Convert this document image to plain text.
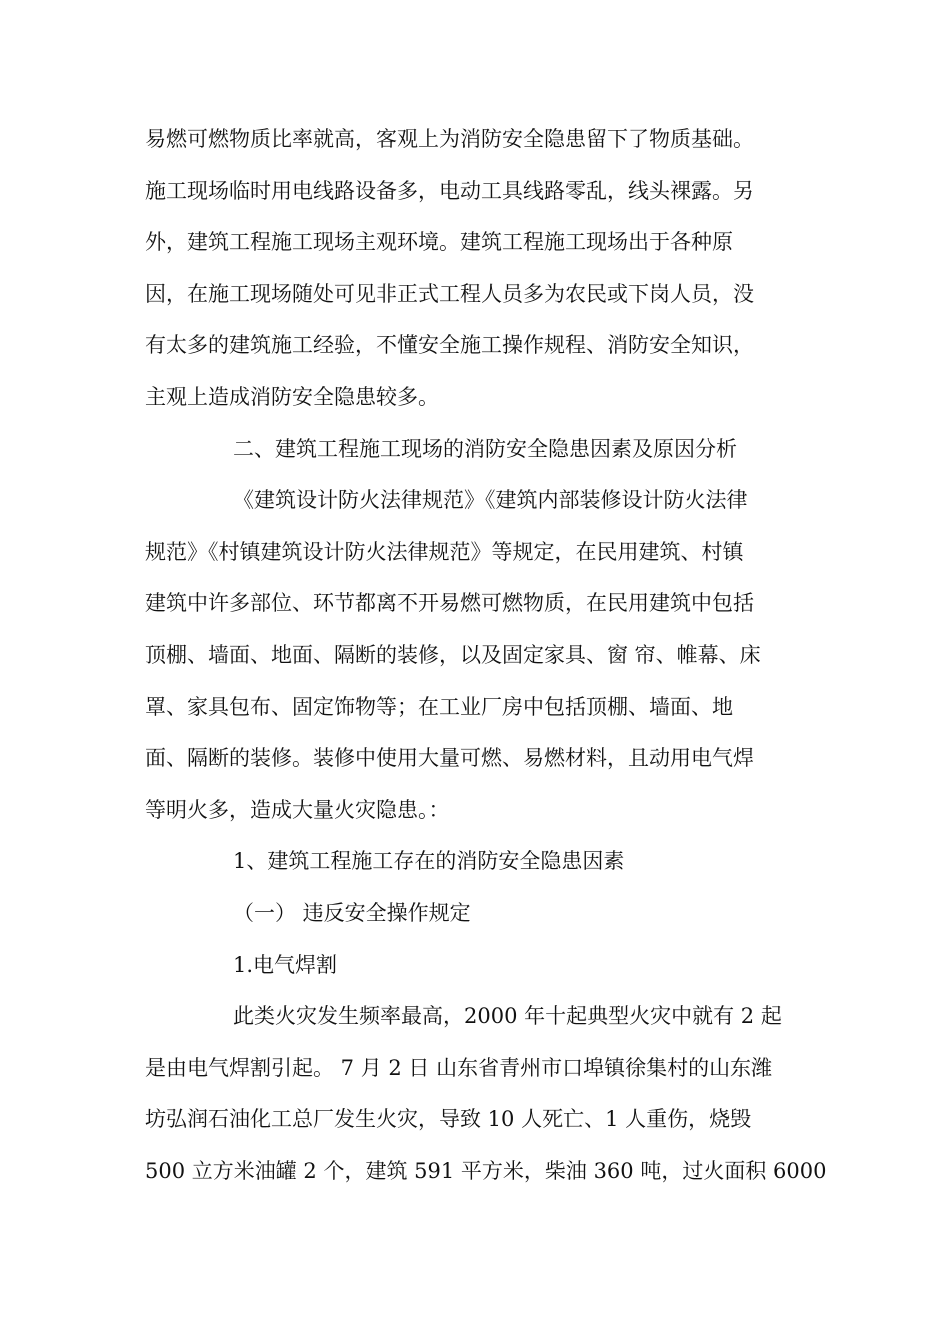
易燃可燃物质比率就高，客观上为消防安全隐患留下了物质基础。
施工现场临时用电线路设备多，电动工具线路零乱，线头裸露。另
外，建筑工程施工现场主观环境。建筑工程施工现场出于各种原
因，在施工现场随处可见非正式工程人员多为农民或下岗人员，没
有太多的建筑施工经验，不懂安全施工操作规程、消防安全知识，
主观上造成消防安全隐患较多。
二、建筑工程施工现场的消防安全隐患因素及原因分析
《建筑设计防火法律规范》《建筑内部装修设计防火法律
规范》《村镇建筑设计防火法律规范》等规定，在民用建筑、村镇
建筑中许多部位、环节都离不开易燃可燃物质，在民用建筑中包括
顶棚、墙面、地面、隔断的装修，以及固定家具、窗 帘、帷幕、床
罩、家具包布、固定饰物等；在工业厂房中包括顶棚、墙面、地
面、隔断的装修。装修中使用大量可燃、易燃材料，且动用电气焊
等明火多，造成大量火灾隐患。：
1、建筑工程施工存在的消防安全隐患因素
（一） 违反安全操作规定
1.电气焊割
此类火灾发生频率最高，2000 年十起典型火灾中就有 2 起
是由电气焊割引起。 7 月 2 日 山东省青州市口埠镇徐集村的山东潍
坊弘润石油化工总厂发生火灾，导致 10 人死亡、1 人重伤，烧毁
500 立方米油罐 2 个，建筑 591 平方米，柴油 360 吨，过火面积 6000
